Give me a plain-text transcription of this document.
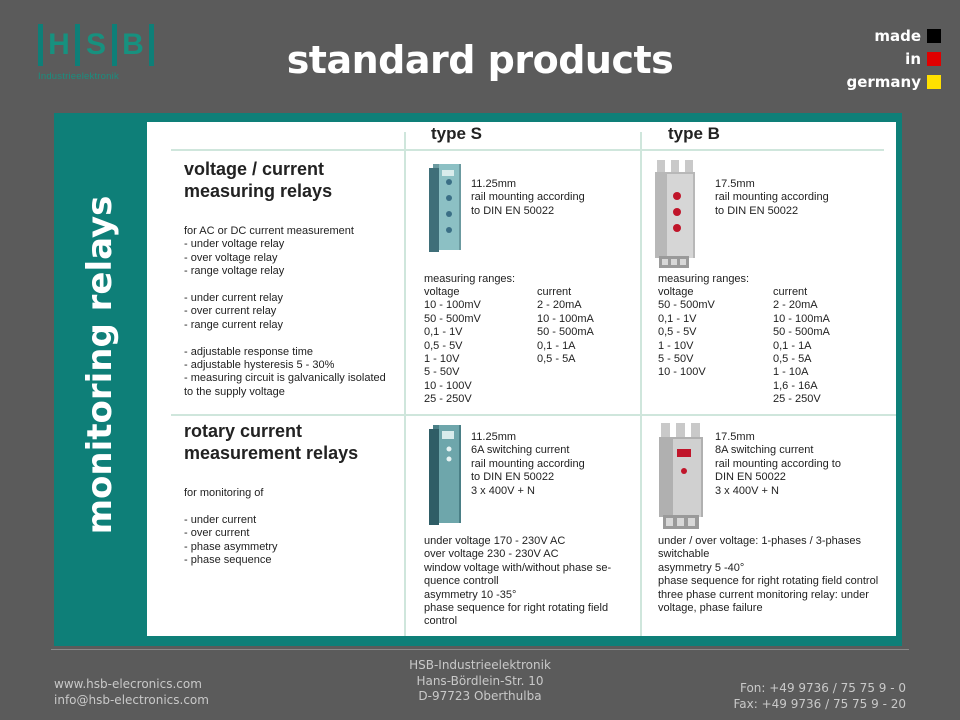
H S B
Industrieelektronik	standard products
made
in
germany
monitoring relays
type S	type B
voltage / current
measuring relays
for AC or DC current measurement
- under voltage relay
- over voltage relay
- range voltage relay

- under current relay
- over current relay
- range current relay

- adjustable response time
- adjustable hysteresis 5 - 30%
- measuring circuit is galvanically isolated
to the supply voltage
11.25mm
rail mounting according
to DIN EN 50022
measuring ranges:
voltage
10 - 100mV
50 - 500mV
0,1 - 1V
0,5 - 5V
1 - 10V
5 - 50V
10 - 100V
25 - 250V
current
2 - 20mA
10 - 100mA
50 - 500mA
0,1 - 1A
0,5 - 5A
17.5mm
rail mounting according
to DIN EN 50022
measuring ranges:
voltage
50 - 500mV
0,1 - 1V
0,5 - 5V
1 - 10V
5 - 50V
10 - 100V
current
2 - 20mA
10 - 100mA
50 - 500mA
0,1 - 1A
0,5 - 5A
1 - 10A
1,6 - 16A
25 - 250V
rotary current
measurement relays
for monitoring of

- under current
- over current
- phase asymmetry
- phase sequence
11.25mm
6A switching current
rail mounting according
to DIN EN 50022
3 x 400V + N
under voltage 170 - 230V AC
over voltage 230 - 230V AC
window voltage with/without phase se-
quence controll
asymmetry 10 -35°
phase sequence for right rotating field
control
17.5mm
8A switching current
rail mounting according to
DIN EN 50022
3 x 400V + N
under / over voltage: 1-phases / 3-phases
switchable
asymmetry 5 -40°
phase sequence for right rotating field control
three phase current monitoring relay: under
voltage, phase failure
HSB-Industrieelektronik
Hans-Bördlein-Str. 10
D-97723 Oberthulba
www.hsb-elecronics.com
info@hsb-electronics.com
Fon: +49 9736 / 75 75 9 - 0
Fax: +49 9736 / 75 75 9 - 20
